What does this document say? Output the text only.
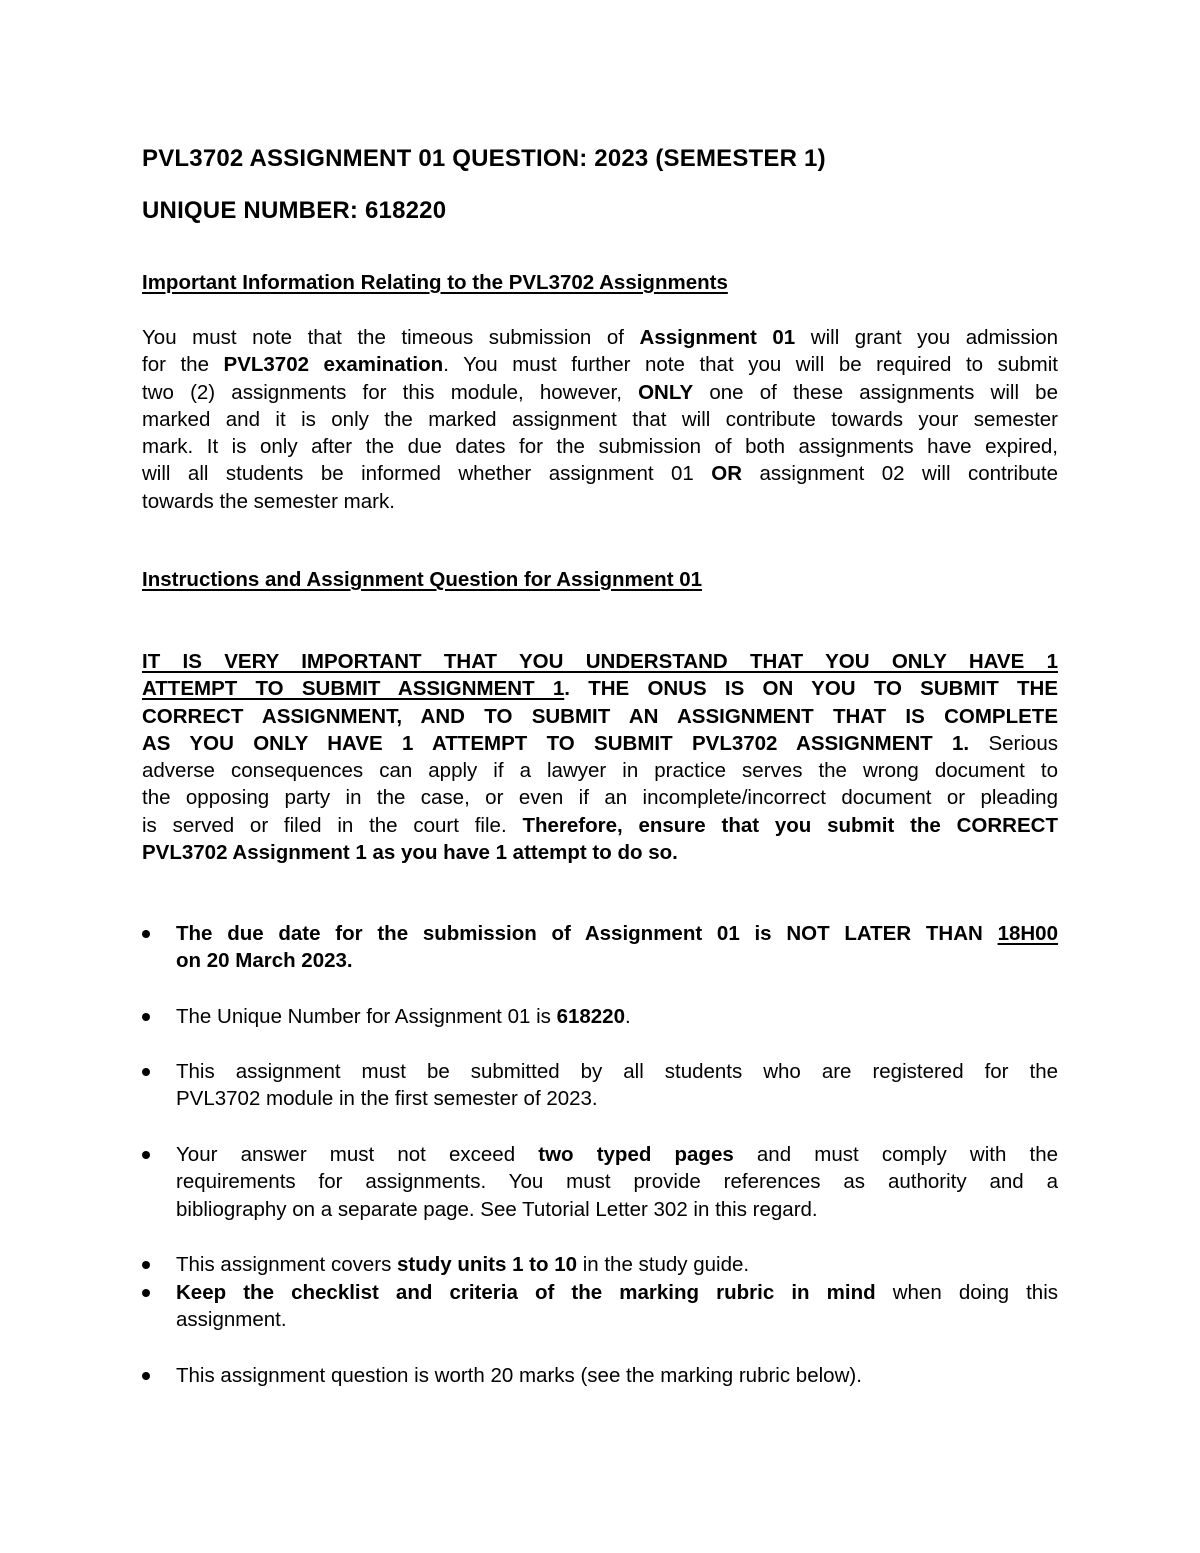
PVL3702 ASSIGNMENT 01 QUESTION: 2023 (SEMESTER 1)
UNIQUE NUMBER: 618220
Important Information Relating to the PVL3702 Assignments
You must note that the timeous submission of Assignment 01 will grant you admission
for the PVL3702 examination. You must further note that you will be required to submit
two (2) assignments for this module, however, ONLY one of these assignments will be
marked and it is only the marked assignment that will contribute towards your semester
mark. It is only after the due dates for the submission of both assignments have expired,
will all students be informed whether assignment 01 OR assignment 02 will contribute
towards the semester mark.
Instructions and Assignment Question for Assignment 01
IT IS VERY IMPORTANT THAT YOU UNDERSTAND THAT YOU ONLY HAVE 1
ATTEMPT TO SUBMIT ASSIGNMENT 1. THE ONUS IS ON YOU TO SUBMIT THE
CORRECT ASSIGNMENT, AND TO SUBMIT AN ASSIGNMENT THAT IS COMPLETE
AS YOU ONLY HAVE 1 ATTEMPT TO SUBMIT PVL3702 ASSIGNMENT 1. Serious
adverse consequences can apply if a lawyer in practice serves the wrong document to
the opposing party in the case, or even if an incomplete/incorrect document or pleading
is served or filed in the court file. Therefore, ensure that you submit the CORRECT
PVL3702 Assignment 1 as you have 1 attempt to do so.
The due date for the submission of Assignment 01 is NOT LATER THAN 18H00
on 20 March 2023.
The Unique Number for Assignment 01 is 618220.
This assignment must be submitted by all students who are registered for the
PVL3702 module in the first semester of 2023.
Your answer must not exceed two typed pages and must comply with the
requirements for assignments. You must provide references as authority and a
bibliography on a separate page. See Tutorial Letter 302 in this regard.
This assignment covers study units 1 to 10 in the study guide.
Keep the checklist and criteria of the marking rubric in mind when doing this
assignment.
This assignment question is worth 20 marks (see the marking rubric below).
